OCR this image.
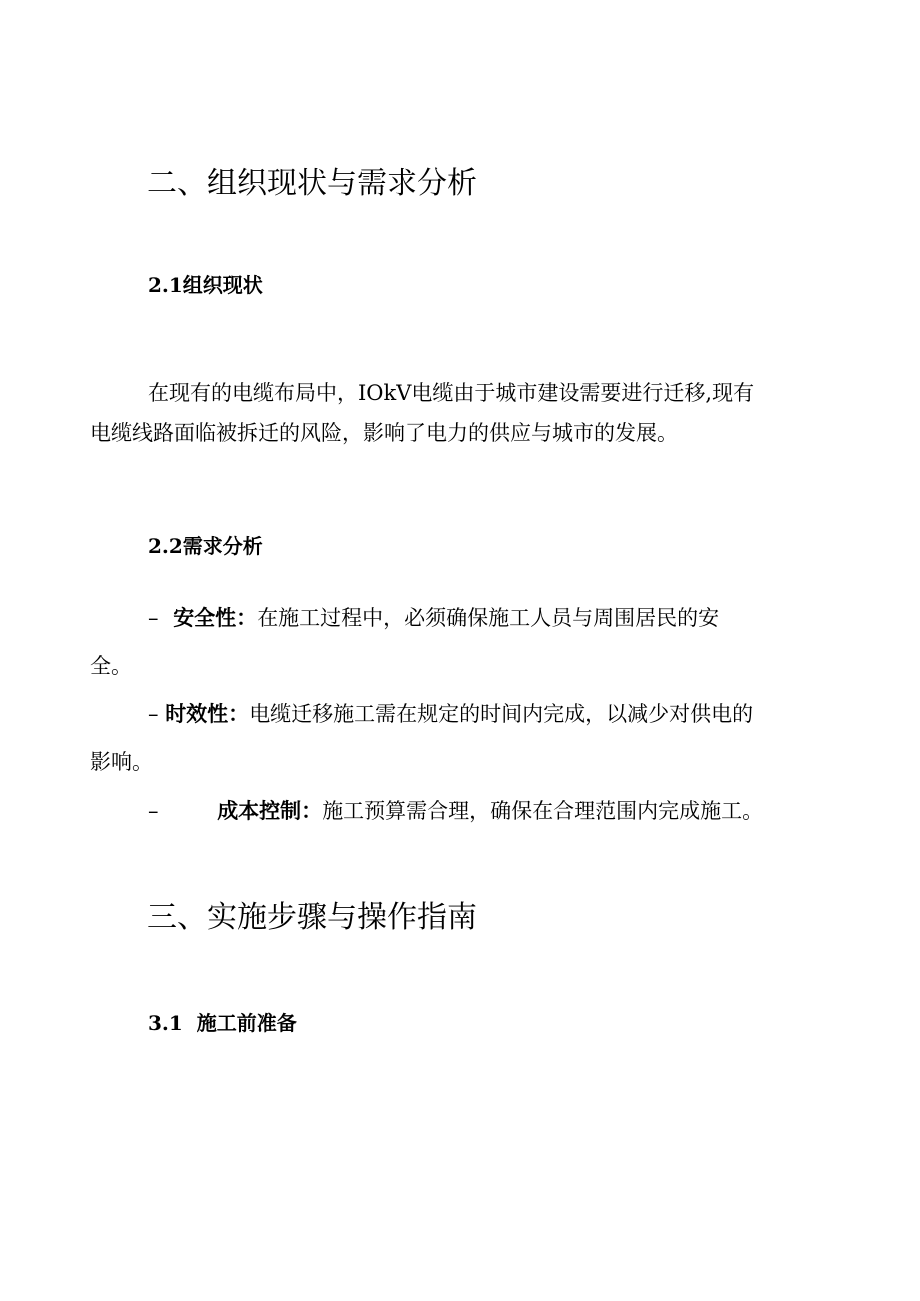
二、组织现状与需求分析
2.1组织现状
在现有的电缆布局中，IOkV电缆由于城市建设需要进行迁移,现有
电缆线路面临被拆迁的风险，影响了电力的供应与城市的发展。
2.2需求分析
– 安全性：在施工过程中，必须确保施工人员与周围居民的安
全。
– 时效性：电缆迁移施工需在规定的时间内完成，以减少对供电的
影响。
–	成本控制：施工预算需合理，确保在合理范围内完成施工。
三、实施步骤与操作指南
3.1  施工前准备
